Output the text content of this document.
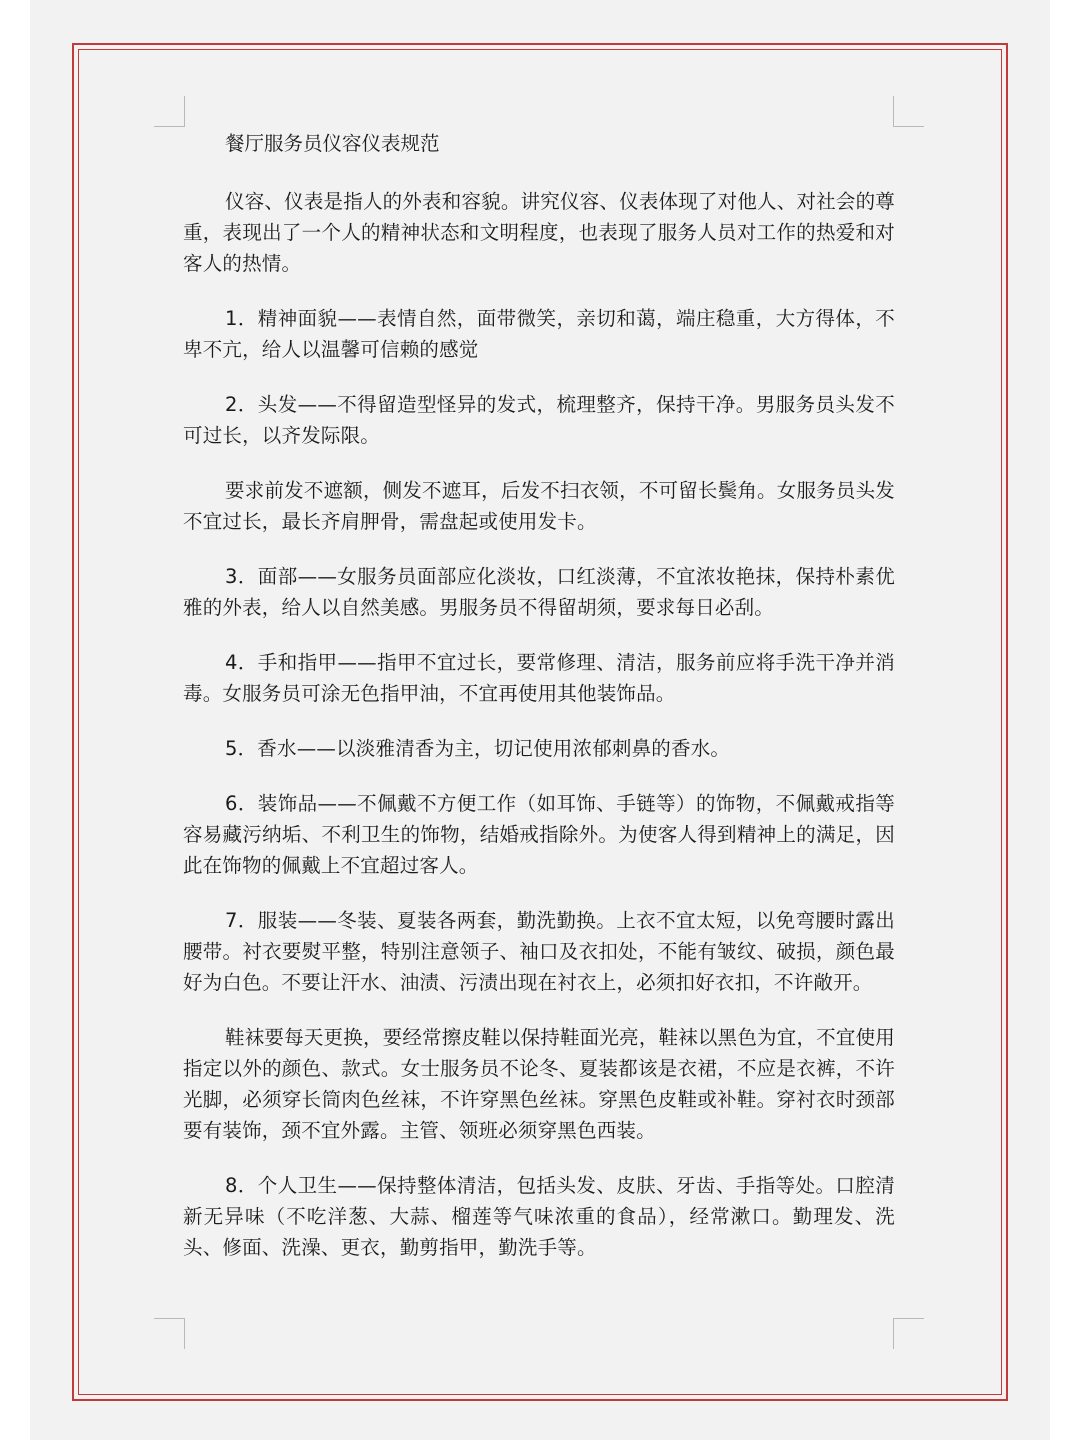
餐厅服务员仪容仪表规范

仪容、仪表是指人的外表和容貌。讲究仪容、仪表体现了对他人、对社会的尊重，表现出了一个人的精神状态和文明程度，也表现了服务人员对工作的热爱和对客人的热情。

1．精神面貌——表情自然，面带微笑，亲切和蔼，端庄稳重，大方得体，不卑不亢，给人以温馨可信赖的感觉

2．头发——不得留造型怪异的发式，梳理整齐，保持干净。男服务员头发不可过长，以齐发际限。

要求前发不遮额，侧发不遮耳，后发不扫衣领，不可留长鬓角。女服务员头发不宜过长，最长齐肩胛骨，需盘起或使用发卡。

3．面部——女服务员面部应化淡妆，口红淡薄，不宜浓妆艳抹，保持朴素优雅的外表，给人以自然美感。男服务员不得留胡须，要求每日必刮。

4．手和指甲——指甲不宜过长，要常修理、清洁，服务前应将手洗干净并消毒。女服务员可涂无色指甲油，不宜再使用其他装饰品。

5．香水——以淡雅清香为主，切记使用浓郁刺鼻的香水。

6．装饰品——不佩戴不方便工作（如耳饰、手链等）的饰物，不佩戴戒指等容易藏污纳垢、不利卫生的饰物，结婚戒指除外。为使客人得到精神上的满足，因此在饰物的佩戴上不宜超过客人。

7．服装——冬装、夏装各两套，勤洗勤换。上衣不宜太短，以免弯腰时露出腰带。衬衣要熨平整，特别注意领子、袖口及衣扣处，不能有皱纹、破损，颜色最好为白色。不要让汗水、油渍、污渍出现在衬衣上，必须扣好衣扣，不许敞开。

鞋袜要每天更换，要经常擦皮鞋以保持鞋面光亮，鞋袜以黑色为宜，不宜使用指定以外的颜色、款式。女士服务员不论冬、夏装都该是衣裙，不应是衣裤，不许光脚，必须穿长筒肉色丝袜，不许穿黑色丝袜。穿黑色皮鞋或补鞋。穿衬衣时颈部要有装饰，颈不宜外露。主管、领班必须穿黑色西装。

8．个人卫生——保持整体清洁，包括头发、皮肤、牙齿、手指等处。口腔清新无异味（不吃洋葱、大蒜、榴莲等气味浓重的食品），经常漱口。勤理发、洗头、修面、洗澡、更衣，勤剪指甲，勤洗手等。
